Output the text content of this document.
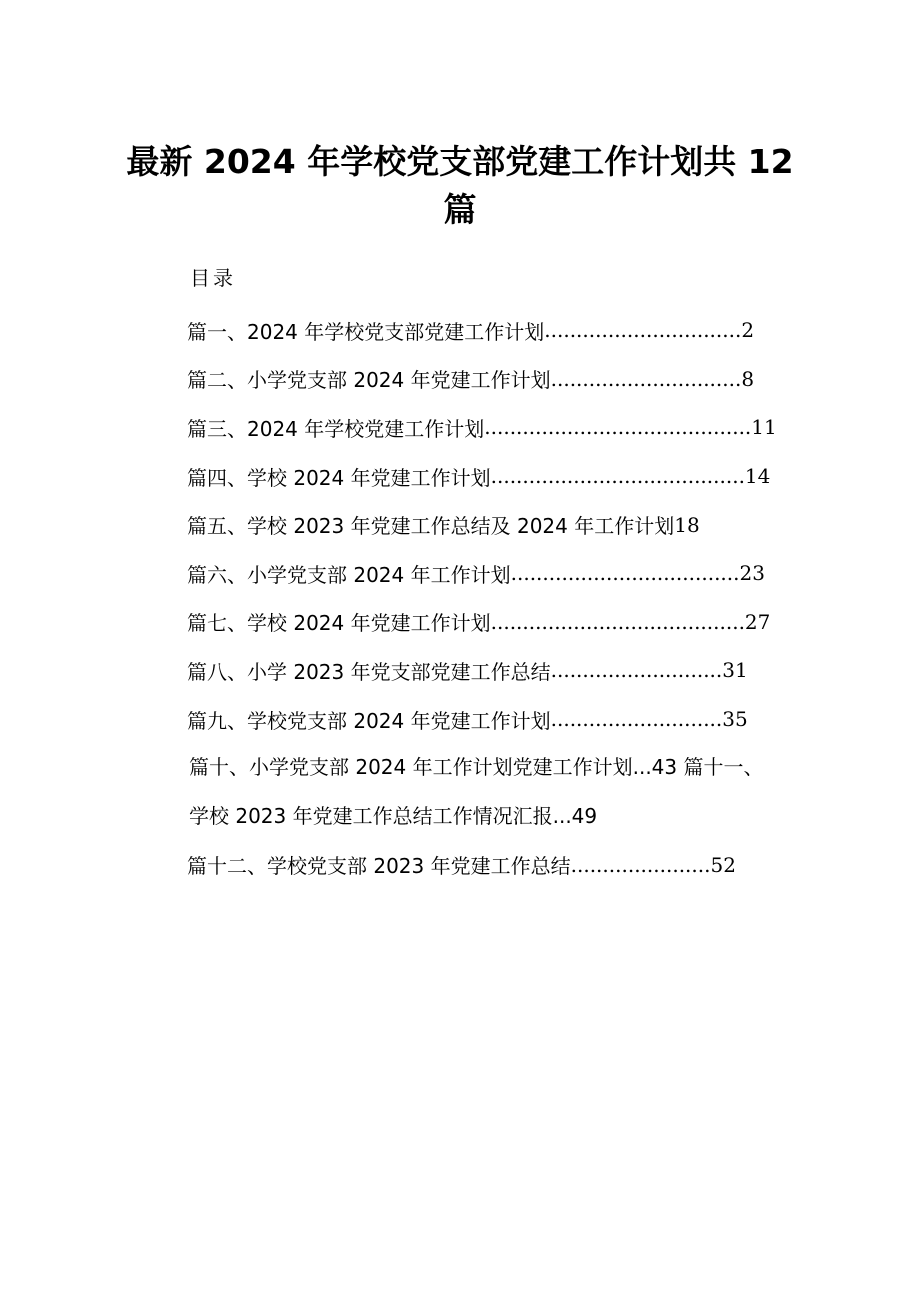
最新 2024 年学校党支部党建工作计划共 12
篇

目录

篇一、2024 年学校党支部党建工作计划 ............................... 2
篇二、小学党支部 2024 年党建工作计划 .............................. 8
篇三、2024 年学校党建工作计划 .......................................... 11
篇四、学校 2024 年党建工作计划 ........................................ 14
篇五、学校 2023 年党建工作总结及 2024 年工作计划 18
篇六、小学党支部 2024 年工作计划 .................................... 23
篇七、学校 2024 年党建工作计划 ........................................ 27
篇八、小学 2023 年党支部党建工作总结 ........................... 31
篇九、学校党支部 2024 年党建工作计划 ........................... 35
篇十、小学党支部 2024 年工作计划党建工作计划...43 篇十一、
学校 2023 年党建工作总结工作情况汇报...49
篇十二、学校党支部 2023 年党建工作总结 ...................... 52
